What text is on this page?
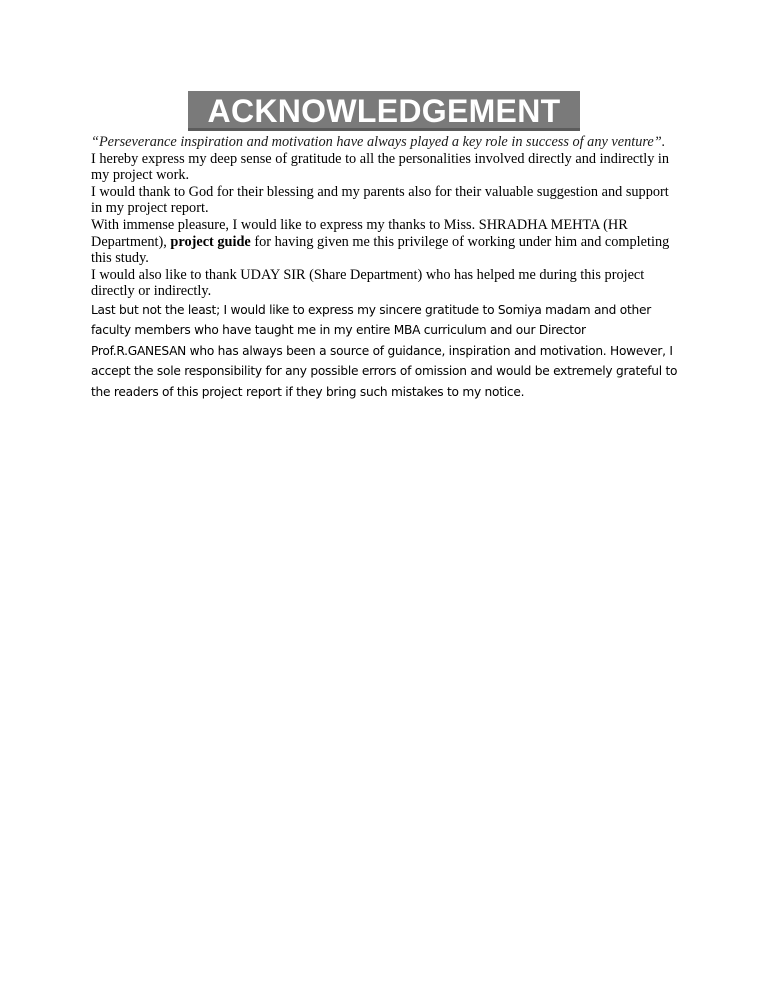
ACKNOWLEDGEMENT

“Perseverance inspiration and motivation have always played a key role in success of any venture”.

I hereby express my deep sense of gratitude to all the personalities involved directly and indirectly in my project work.

I would thank to God for their blessing and my parents also for their valuable suggestion and support in my project report.

With immense pleasure, I would like to express my thanks to Miss. SHRADHA MEHTA (HR Department), project guide for having given me this privilege of working under him and completing this study.

I would also like to thank UDAY SIR (Share Department) who has helped me during this project directly or indirectly.

Last but not the least; I would like to express my sincere gratitude to Somiya madam and other
faculty members who have taught me in my entire MBA curriculum and our Director
Prof.R.GANESAN who has always been a source of guidance, inspiration and motivation. However, I
accept the sole responsibility for any possible errors of omission and would be extremely grateful to
the readers of this project report if they bring such mistakes to my notice.
